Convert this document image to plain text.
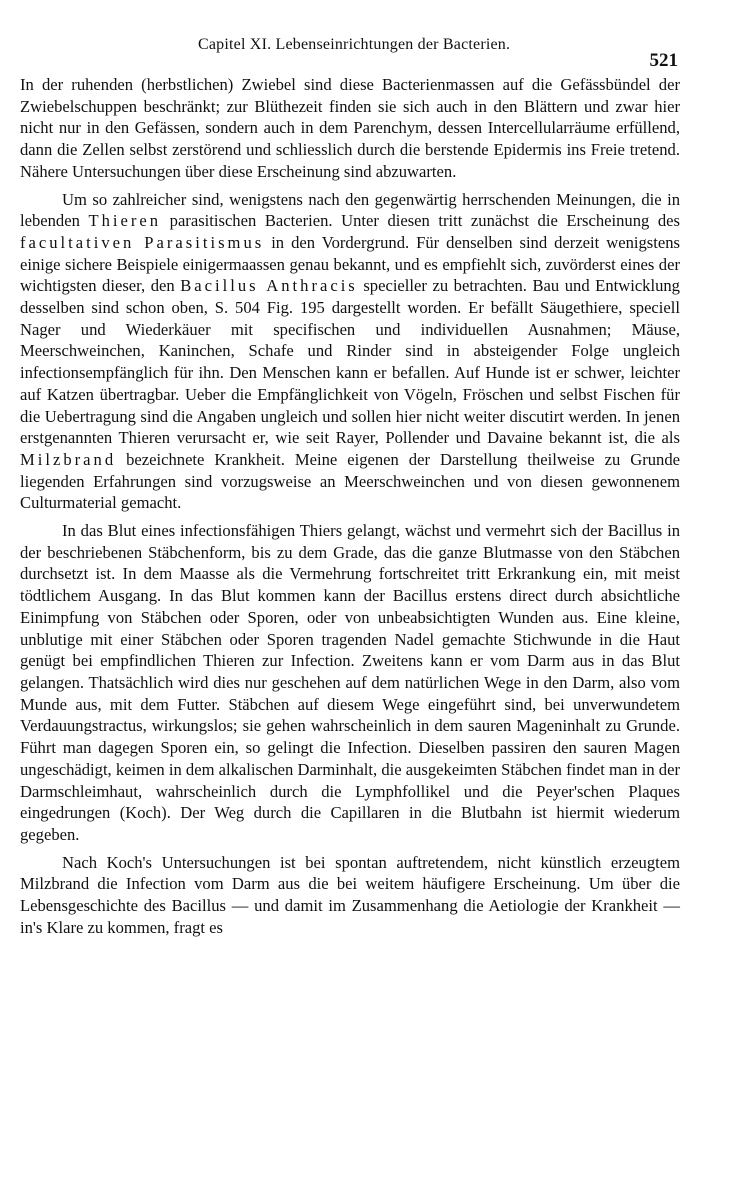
Capitel XI. Lebenseinrichtungen der Bacterien.
521

In der ruhenden (herbstlichen) Zwiebel sind diese Bacterienmassen auf die Gefässbündel der Zwiebelschuppen beschränkt; zur Blüthezeit finden sie sich auch in den Blättern und zwar hier nicht nur in den Gefässen, sondern auch in dem Parenchym, dessen Intercellularräume erfüllend, dann die Zellen selbst zerstörend und schliesslich durch die berstende Epidermis ins Freie tretend. Nähere Untersuchungen über diese Erscheinung sind abzuwarten.

Um so zahlreicher sind, wenigstens nach den gegenwärtig herrschenden Meinungen, die in lebenden Thieren parasitischen Bacterien. Unter diesen tritt zunächst die Erscheinung des facultativen Parasitismus in den Vordergrund. Für denselben sind derzeit wenigstens einige sichere Beispiele einigermaassen genau bekannt, und es empfiehlt sich, zuvörderst eines der wichtigsten dieser, den Bacillus Anthracis specieller zu betrachten. Bau und Entwicklung desselben sind schon oben, S. 504 Fig. 195 dargestellt worden. Er befällt Säugethiere, speciell Nager und Wiederkäuer mit specifischen und individuellen Ausnahmen; Mäuse, Meerschweinchen, Kaninchen, Schafe und Rinder sind in absteigender Folge ungleich infectionsempfänglich für ihn. Den Menschen kann er befallen. Auf Hunde ist er schwer, leichter auf Katzen übertragbar. Ueber die Empfänglichkeit von Vögeln, Fröschen und selbst Fischen für die Uebertragung sind die Angaben ungleich und sollen hier nicht weiter discutirt werden. In jenen erstgenannten Thieren verursacht er, wie seit Rayer, Pollender und Davaine bekannt ist, die als Milzbrand bezeichnete Krankheit. Meine eigenen der Darstellung theilweise zu Grunde liegenden Erfahrungen sind vorzugsweise an Meerschweinchen und von diesen gewonnenem Culturmaterial gemacht.

In das Blut eines infectionsfähigen Thiers gelangt, wächst und vermehrt sich der Bacillus in der beschriebenen Stäbchenform, bis zu dem Grade, das die ganze Blutmasse von den Stäbchen durchsetzt ist. In dem Maasse als die Vermehrung fortschreitet tritt Erkrankung ein, mit meist tödtlichem Ausgang. In das Blut kommen kann der Bacillus erstens direct durch absichtliche Einimpfung von Stäbchen oder Sporen, oder von unbeabsichtigten Wunden aus. Eine kleine, unblutige mit einer Stäbchen oder Sporen tragenden Nadel gemachte Stichwunde in die Haut genügt bei empfindlichen Thieren zur Infection. Zweitens kann er vom Darm aus in das Blut gelangen. Thatsächlich wird dies nur geschehen auf dem natürlichen Wege in den Darm, also vom Munde aus, mit dem Futter. Stäbchen auf diesem Wege eingeführt sind, bei unverwundetem Verdauungstractus, wirkungslos; sie gehen wahrscheinlich in dem sauren Mageninhalt zu Grunde. Führt man dagegen Sporen ein, so gelingt die Infection. Dieselben passiren den sauren Magen ungeschädigt, keimen in dem alkalischen Darminhalt, die ausgekeimten Stäbchen findet man in der Darmschleimhaut, wahrscheinlich durch die Lymphfollikel und die Peyer'schen Plaques eingedrungen (Koch). Der Weg durch die Capillaren in die Blutbahn ist hiermit wiederum gegeben.

Nach Koch's Untersuchungen ist bei spontan auftretendem, nicht künstlich erzeugtem Milzbrand die Infection vom Darm aus die bei weitem häufigere Erscheinung. Um über die Lebensgeschichte des Bacillus — und damit im Zusammenhang die Aetiologie der Krankheit — in's Klare zu kommen, fragt es
